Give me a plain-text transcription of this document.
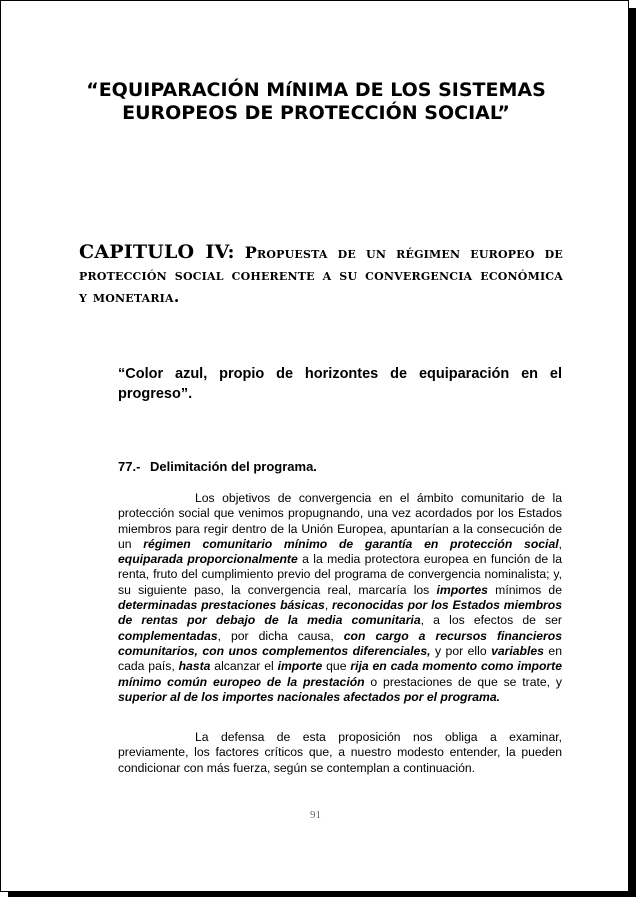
“EQUIPARACIÓN MíNIMA DE LOS SISTEMAS
EUROPEOS DE PROTECCIÓN SOCIAL”

CAPITULO IV: Propuesta de un régimen europeo de protección social coherente a su convergencia económica y monetaria.

“Color azul, propio de horizontes de equiparación en el progreso”.

77.- Delimitación del programa.

Los objetivos de convergencia en el ámbito comunitario de la protección social que venimos propugnando, una vez acordados por los Estados miembros para regir dentro de la Unión Europea, apuntarían a la consecución de un régimen comunitario mínimo de garantía en protección social, equiparada proporcionalmente a la media protectora europea en función de la renta, fruto del cumplimiento previo del programa de convergencia nominalista; y, su siguiente paso, la convergencia real, marcaría los importes mínimos de determinadas prestaciones básicas, reconocidas por los Estados miembros de rentas por debajo de la media comunitaria, a los efectos de ser complementadas, por dicha causa, con cargo a recursos financieros comunitarios, con unos complementos diferenciales, y por ello variables en cada país, hasta alcanzar el importe que rija en cada momento como importe mínimo común europeo de la prestación o prestaciones de que se trate, y superior al de los importes nacionales afectados por el programa.

La defensa de esta proposición nos obliga a examinar, previamente, los factores críticos que, a nuestro modesto entender, la pueden condicionar con más fuerza, según se contemplan a continuación.

91
